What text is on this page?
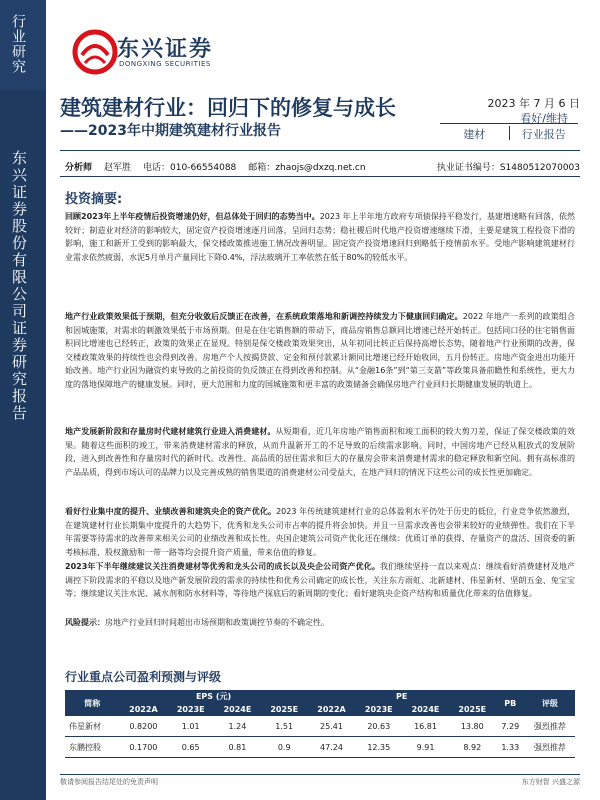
行业研究
东兴证券股份有限公司证券研究报告
东兴证券
DONGXING SECURITIES
建筑建材行业：回归下的修复与成长
——2023年中期建筑建材行业报告
2023 年 7 月 6 日
看好/维持
建材	行业报告
分析师 赵军胜 电话：010-66554088 邮箱：zhaojs@dxzq.net.cn	执业证书编号：S1480512070003
投资摘要:
回顾2023年上半年疫情后投资增速仍好，但总体处于回归的态势当中。2023 年上半年地方政府专项债保持平稳发行，基建增速略有回落，依然较好；制造业对经济的影响较大，固定资产投资增速逐月回落，呈回归态势；稳社稷后时代地产投资增速继续下滑，主要是建筑工程投资下滑的影响，施工和新开工受到的影响最大，保交楼政策推进施工情况改善明显。固定资产投资增速回归到略低于疫情前水平。受地产影响建筑建材行业需求依然疲弱，水泥5月单月产量同比下降0.4%，浮法玻璃开工率依然在低于80%的较低水平。
地产行业政策效果低于预期，但充分收敛后反馈正在改善，在系统政策落地和新调控持续发力下健康回归确定。2022 年地产一系列的政策组合和因城施策，对需求的刺激效果低于市场预期。但是在住宅销售额的带动下，商品房销售总额同比增速已经开始转正。包括同口径的住宅销售面积同比增速也已经转正，政策的效果正在显现。特别是保交楼政策效果突出，从年初同比转正后保持高增长态势，随着地产行业预期的改善，保交楼政策效果的持续性也会得到改善。房地产个人按揭贷款、定金和预付款累计额同比增速已经开始收回，五月份转正。房地产资金进出功能开始改善。地产行业因为融资约束导致的之前投资的负反馈正在得到改善和控制。从“金融16条”到“第三支箭”等政策具备前瞻性和系统性，更大力度的落地保障地产的健康发展。同时，更大范围和力度的国城施策和更丰富的政策储备会确保房地产行业回归长期健康发展的轨道上。
地产发展新阶段和存量房时代建材建筑行业进入消费建材。从短期看，近几年房地产销售面积和竣工面积的较大剪刀差，保证了保交楼政策的效果。随着这些面积的竣工，带来消费建材需求的释放，从而升温新开工的不足导致的后续需求影响。同时，中国房地产已经从粗放式的发展阶段，进入到改善性和存量房时代的新时代。改善性、高品质的居住需求和巨大的存量房会带来消费建材需求的稳定释放和新空间。拥有高标准的产品品质，得到市场认可的品牌力以及完善成熟的销售渠道的消费建材公司受益大，在地产回归的情况下这些公司的成长性更加确定。
看好行业集中度的提升、业绩改善和建筑央企的资产优化。2023 年传统建筑建材行业的总体盈利水平仍处于历史的低位，行业竞争依然激烈，在建筑建材行业长期集中度提升的大趋势下，优秀和龙头公司市占率的提升将会加快。并且一旦需求改善也会带来较好的业绩弹性。我们在下半年需要等待需求的改善带来相关公司的业绩改善和成长性。央国企建筑公司资产优化还在继续：优质订单的获得、存量资产的盘活、国资委的新考核标准、股权激励和一带一路等均会提升资产质量，带来估值的修复。
2023年下半年继续建议关注消费建材等优秀和龙头公司的成长以及央企公司资产优化。我们继续坚持一直以来观点：继续看好消费建材及地产调控下阶段需求的平稳以及地产新发展阶段的需求的持续性和优秀公司确定的成长性，关注东方雨虹、北新建材、伟星新材、坚朗五金、兔宝宝等；继续建议关注水泥、减水剂和防水材料等，等待地产探底后的新周期的变化；看好建筑央企资产结构和质量优化带来的估值修复。
风险提示：房地产行业回归时间超出市场预期和政策调控节奏的不确定性。
行业重点公司盈利预测与评级
简称	EPS (元)				PE				PB	评级
	2022A	2023E	2024E	2025E	2022A	2023E	2024E	2025E		
伟星新材	0.8200	1.01	1.24	1.51	25.41	20.63	16.81	13.80	7.29	强烈推荐
东鹏控股	0.1700	0.65	0.81	0.9	47.24	12.35	9.91	8.92	1.33	强烈推荐
敬请参阅报告结尾处的免责声明	东方财智 兴盛之源
